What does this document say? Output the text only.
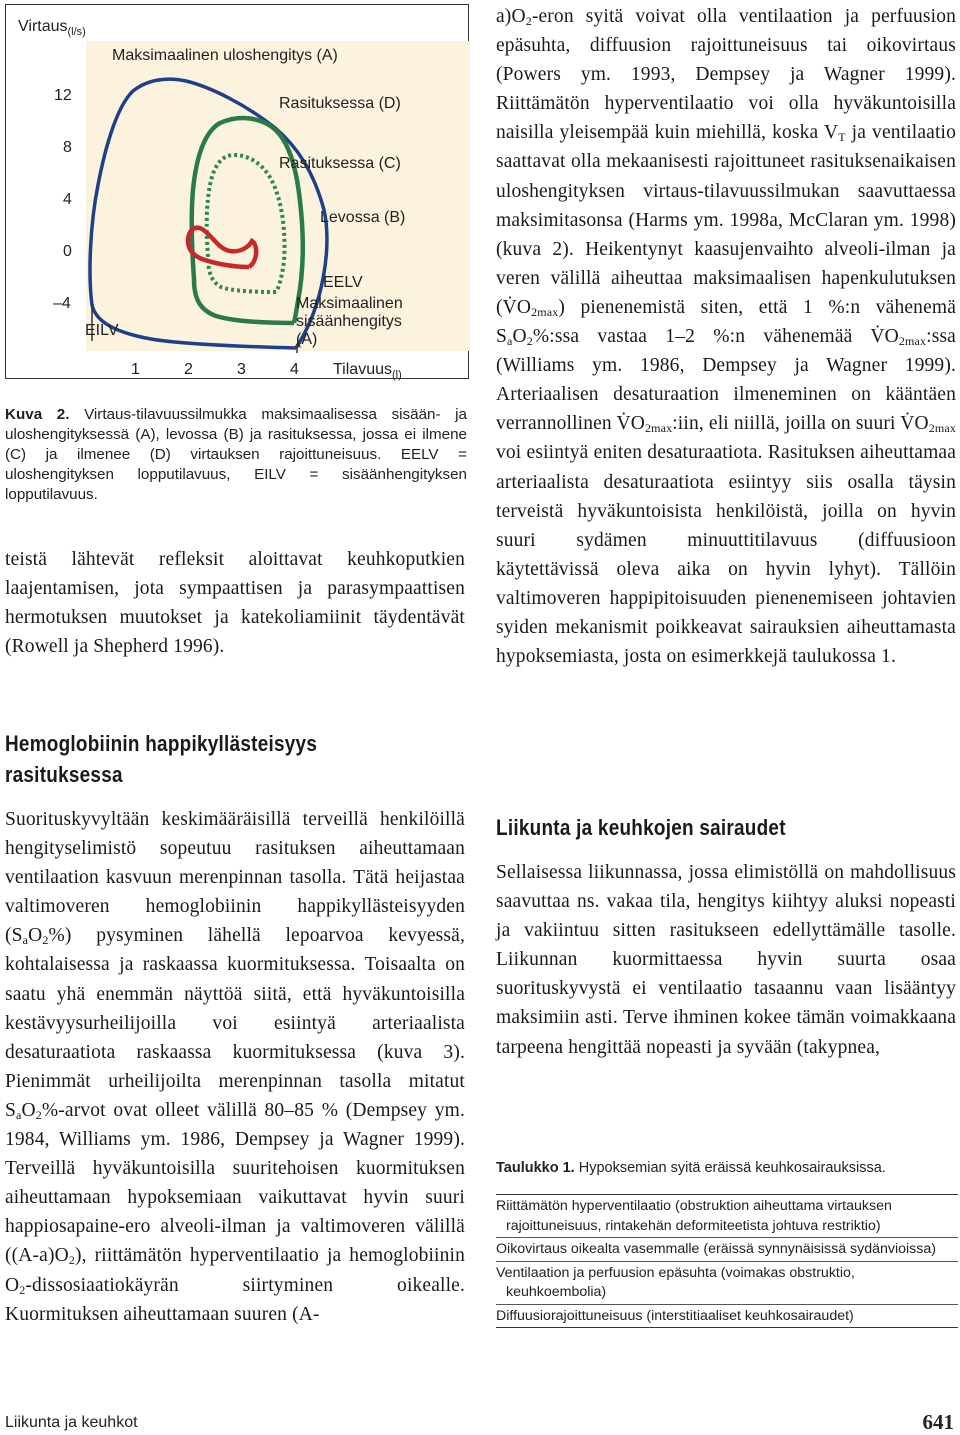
Virtaus$_{(l/s)}$
Maksimaalinen uloshengitys (A)
Rasituksessa (D)
Rasituksessa (C)
Levossa (B)
EELV
Maksimaalinen
sisäänhengitys
(A)
EILV
12
8
4
0
–4
1	2	3	4 Tilavuus$_{(l)}$
Kuva 2. Virtaus-tilavuussilmukka maksimaalisessa sisään- ja uloshengityksessä (A), levossa (B) ja rasituksessa, jossa ei ilmene (C) ja ilmenee (D) virtauksen rajoittuneisuus. EELV = uloshengityksen lopputilavuus, EILV = sisäänhengityksen lopputilavuus.
teistä lähtevät refleksit aloittavat keuhkoputkien laajentamisen, jota sympaattisen ja parasympaattisen hermotuksen muutokset ja katekoliamiinit täydentävät (Rowell ja Shepherd 1996).
Hemoglobiinin happikyllästeisyys
rasituksessa
Suorituskyvyltään keskimääräisillä terveillä henkilöillä hengityselimistö sopeutuu rasituksen aiheuttamaan ventilaation kasvuun merenpinnan tasolla. Tätä heijastaa valtimoveren hemoglobiinin happikyllästeisyyden $(S_aO_2\%)$ pysyminen lähellä lepoarvoa kevyessä, kohtalaisessa ja raskaassa kuormituksessa. Toisaalta on saatu yhä enemmän näyttöä siitä, että hyväkuntoisilla kestävyysurheilijoilla voi esiintyä arteriaalista desaturaatiota raskaassa kuormituksessa (kuva 3). Pienimmät urheilijoilta merenpinnan tasolla mitatut $S_aO_2\%$-arvot ovat olleet välillä 80–85 % (Dempsey ym. 1984, Williams ym. 1986, Dempsey ja Wagner 1999). Terveillä hyväkuntoisilla suuritehoisen kuormituksen aiheuttamaan hypoksemiaan vaikuttavat hyvin suuri happiosapaine-ero alveoli-ilman ja valtimoveren välillä $((A-a)O_2)$, riittämätön hyperventilaatio ja hemoglobiinin $O_2$-dissosiaatiokäyrän siirtyminen oikealle. Kuormituksen aiheuttamaan suuren (A-
$a)O_2$-eron syitä voivat olla ventilaation ja perfuusion epäsuhta, diffuusion rajoittuneisuus tai oikovirtaus (Powers ym. 1993, Dempsey ja Wagner 1999). Riittämätön hyperventilaatio voi olla hyväkuntoisilla naisilla yleisempää kuin miehillä, koska $V_T$ ja ventilaatio saattavat olla mekaanisesti rajoittuneet rasituksenaikaisen uloshengityksen virtaus-tilavuussilmukan saavuttaessa maksimitasonsa (Harms ym. 1998a, McClaran ym. 1998) (kuva 2). Heikentynyt kaasujenvaihto alveoli-ilman ja veren välillä aiheuttaa maksimaalisen hapenkulutuksen $(V̇O_{2max})$ pienenemistä siten, että 1 %:n vähenemä $S_aO_2\%:ssa$ vastaa 1–2 %:n vähenemää $V̇O_{2max}:ssa$ (Williams ym. 1986, Dempsey ja Wagner 1999). Arteriaalisen desaturaation ilmeneminen on kääntäen verrannollinen $V̇O_{2max}:iin$, eli niillä, joilla on suuri $V̇O_{2max}$ voi esiintyä eniten desaturaatiota. Rasituksen aiheuttamaa arteriaalista desaturaatiota esiintyy siis osalla täysin terveistä hyväkuntoisista henkilöistä, joilla on hyvin suuri sydämen minuuttitilavuus (diffuusioon käytettävissä oleva aika on hyvin lyhyt). Tällöin valtimoveren happipitoisuuden pienenemiseen johtavien syiden mekanismit poikkeavat sairauksien aiheuttamasta hypoksemiasta, josta on esimerkkejä taulukossa 1.
Liikunta ja keuhkojen sairaudet
Sellaisessa liikunnassa, jossa elimistöllä on mahdollisuus saavuttaa ns. vakaa tila, hengitys kiihtyy aluksi nopeasti ja vakiintuu sitten rasitukseen edellyttämälle tasolle. Liikunnan kuormittaessa hyvin suurta osaa suorituskyvystä ei ventilaatio tasaannu vaan lisääntyy maksimiin asti. Terve ihminen kokee tämän voimakkaana tarpeena hengittää nopeasti ja syvään (takypnea,
Taulukko 1. Hypoksemian syitä eräissä keuhkosairauksissa.
Riittämätön hyperventilaatio (obstruktion aiheuttama virtauksen rajoittuneisuus, rintakehän deformiteetista johtuva restriktio)
Oikovirtaus oikealta vasemmalle (eräissä synnynäisissä sydänvioissa)
Ventilaation ja perfuusion epäsuhta (voimakas obstruktio, keuhkoembolia)
Diffuusiorajoittuneisuus (interstitiaaliset keuhkosairaudet)
Liikunta ja keuhkot	641
